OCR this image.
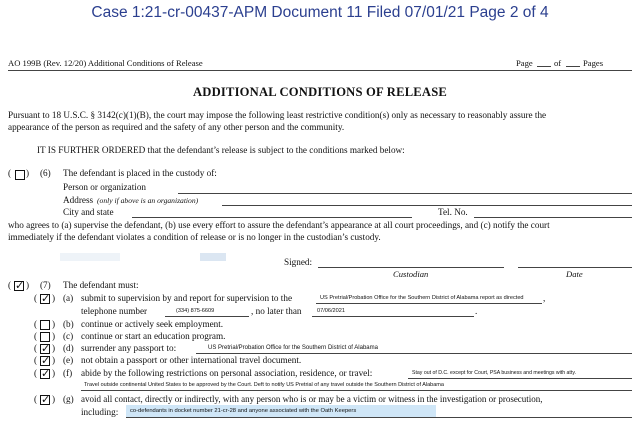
Case 1:21-cr-00437-APM Document 11 Filed 07/01/21 Page 2 of 4
AO 199B (Rev. 12/20) Additional Conditions of Release	Page of	Pages
ADDITIONAL CONDITIONS OF RELEASE
Pursuant to 18 U.S.C. § 3142(c)(1)(B), the court may impose the following least restrictive condition(s) only as necessary to reasonably assure the
appearance of the person as required and the safety of any other person and the community.
IT IS FURTHER ORDERED that the defendant’s release is subject to the conditions marked below:
( ) (6) The defendant is placed in the custody of:
Person or organization
Address (only if above is an organization)
City and state	Tel. No.
who agrees to (a) supervise the defendant, (b) use every effort to assure the defendant’s appearance at all court proceedings, and (c) notify the court
immediately if the defendant violates a condition of release or is no longer in the custodian’s custody.
Signed:
Custodian	Date
( ✓ ) (7) The defendant must:
( ✓ ) (a) submit to supervision by and report for supervision to the	US Pretrial/Probation Office for the Southern District of Alabama report as directed ,
telephone number	(334) 875-6609	, no later than	07/06/2021	.
( ) (b) continue or actively seek employment.
( ) (c) continue or start an education program.
( ✓ ) (d) surrender any passport to:	US Pretrial/Probation Office for the Southern District of Alabama
( ✓ ) (e) not obtain a passport or other international travel document.
( ✓ ) (f) abide by the following restrictions on personal association, residence, or travel:	Stay out of D.C. except for Court, PSA business and meetings with atty.
Travel outside continental United States to be approved by the Court. Deft to notify US Pretrial of any travel outside the Southern District of Alabama
( ✓ ) (g) avoid all contact, directly or indirectly, with any person who is or may be a victim or witness in the investigation or prosecution,
including: co-defendants in docket number 21-cr-28 and anyone associated with the Oath Keepers
